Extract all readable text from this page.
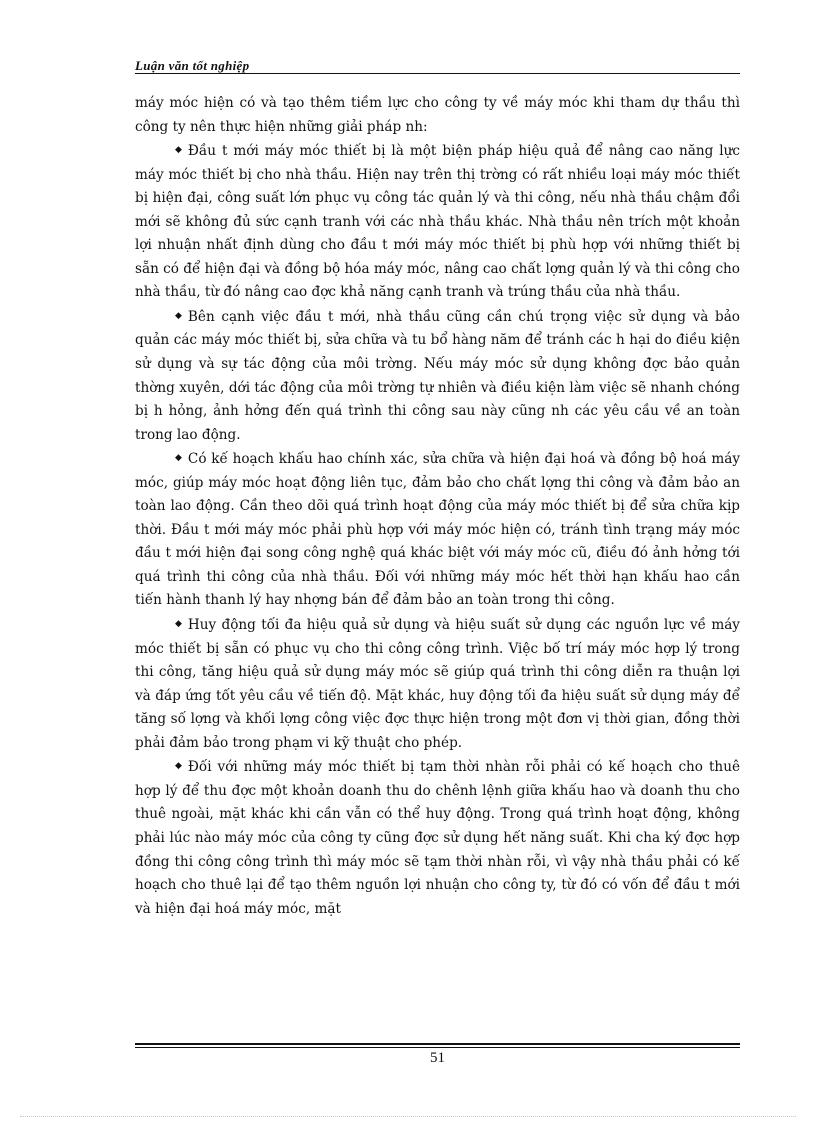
Luận văn tốt nghiệp

máy móc hiện có và tạo thêm tiềm lực cho công ty về máy móc khi tham dự thầu thì công ty nên thực hiện những giải pháp nh:

◆ Đầu t mới máy móc thiết bị là một biện pháp hiệu quả để nâng cao năng lực máy móc thiết bị cho nhà thầu. Hiện nay trên thị trờng có rất nhiều loại máy móc thiết bị hiện đại, công suất lớn phục vụ công tác quản lý và thi công, nếu nhà thầu chậm đổi mới sẽ không đủ sức cạnh tranh với các nhà thầu khác. Nhà thầu nên trích một khoản lợi nhuận nhất định dùng cho đầu t mới máy móc thiết bị phù hợp với những thiết bị sẵn có để hiện đại và đồng bộ hóa máy móc, nâng cao chất lợng quản lý và thi công cho nhà thầu, từ đó nâng cao đợc khả năng cạnh tranh và trúng thầu của nhà thầu.

◆ Bên cạnh việc đầu t mới, nhà thầu cũng cần chú trọng việc sử dụng và bảo quản các máy móc thiết bị, sửa chữa và tu bổ hàng năm để tránh các h hại do điều kiện sử dụng và sự tác động của môi trờng. Nếu máy móc sử dụng không đợc bảo quản thờng xuyên, dới tác động của môi trờng tự nhiên và điều kiện làm việc sẽ nhanh chóng bị h hỏng, ảnh hởng đến quá trình thi công sau này cũng nh các yêu cầu về an toàn trong lao động.

◆ Có kế hoạch khấu hao chính xác, sửa chữa và hiện đại hoá và đồng bộ hoá máy móc, giúp máy móc hoạt động liên tục, đảm bảo cho chất lợng thi công và đảm bảo an toàn lao động. Cần theo dõi quá trình hoạt động của máy móc thiết bị để sửa chữa kịp thời. Đầu t mới máy móc phải phù hợp với máy móc hiện có, tránh tình trạng máy móc đầu t mới hiện đại song công nghệ quá khác biệt với máy móc cũ, điều đó ảnh hởng tới quá trình thi công của nhà thầu. Đối với những máy móc hết thời hạn khấu hao cần tiến hành thanh lý hay nhợng bán để đảm bảo an toàn trong thi công.

◆ Huy động tối đa hiệu quả sử dụng và hiệu suất sử dụng các nguồn lực về máy móc thiết bị sẵn có phục vụ cho thi công công trình. Việc bố trí máy móc hợp lý trong thi công, tăng hiệu quả sử dụng máy móc sẽ giúp quá trình thi công diễn ra thuận lợi và đáp ứng tốt yêu cầu về tiến độ. Mặt khác, huy động tối đa hiệu suất sử dụng máy để tăng số lợng và khối lợng công việc đợc thực hiện trong một đơn vị thời gian, đồng thời phải đảm bảo trong phạm vi kỹ thuật cho phép.

◆ Đối với những máy móc thiết bị tạm thời nhàn rỗi phải có kế hoạch cho thuê hợp lý để thu đợc một khoản doanh thu do chênh lệnh giữa khấu hao và doanh thu cho thuê ngoài, mặt khác khi cần vẫn có thể huy động. Trong quá trình hoạt động, không phải lúc nào máy móc của công ty cũng đợc sử dụng hết năng suất. Khi cha ký đợc hợp đồng thi công công trình thì máy móc sẽ tạm thời nhàn rỗi, vì vậy nhà thầu phải có kế hoạch cho thuê lại để tạo thêm nguồn lợi nhuận cho công ty, từ đó có vốn để đầu t mới và hiện đại hoá máy móc, mặt

51
